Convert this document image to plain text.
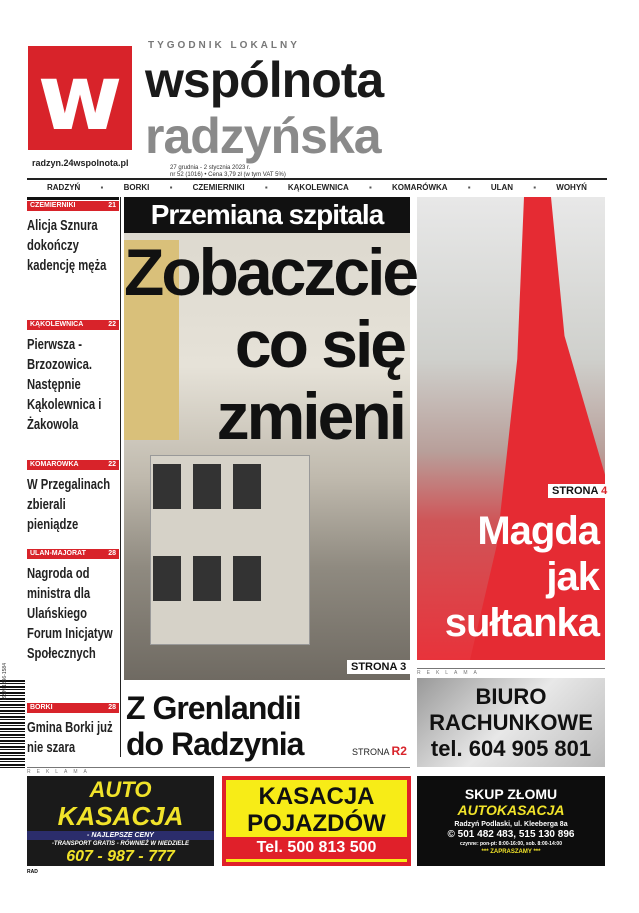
w	TYGODNIK LOKALNY
wspólnota
radzyńska
radzyn.24wspolnota.pl	27 grudnia - 2 stycznia 2023 r.
nr 52 (1016) • Cena 3,79 zł (w tym VAT 5%)
RADZYŃ	▪	BORKI	▪	CZEMIERNIKI	▪	KĄKOLEWNICA	▪	KOMARÓWKA	▪	ULAN	▪	WOHYŃ
CZEMIERNIKI	21
Alicja Sznura dokończy kadencję męża
KĄKOLEWNICA	22
Pierwsza - Brzozowica. Następnie Kąkolewnica i Żakowola
KOMARÓWKA	22
W Przegalinach zbierali pieniądze
ULAN-MAJORAT	28
Nagroda od ministra dla Ulańskiego Forum Inicjatyw Społecznych
BORKI	28
Gmina Borki już nie szara
Przemiana szpitala
Zobaczcie
co się
zmieni
STRONA 3
Z Grenlandii
do Radzynia	STRONA R2
STRONA 4
Magda
jak
sułtanka
REKLAMA
BIURO
RACHUNKOWE
tel. 604 905 801
ISSN 1896-1584
REKLAMA
AUTO
KASACJA
- NAJLEPSZE CENY
-TRANSPORT GRATIS - RÓWNIEŻ W NIEDZIELE
607 - 987 - 777
KASACJA
POJAZDÓW
Tel. 500 813 500
SKUP ZŁOMU
AUTOKASACJA
Radzyń Podlaski, ul. Kleeberga 8a
© 501 482 483, 515 130 896
czynne: pon-pt: 8:00-16:00, sob. 8:00-14:00
*** ZAPRASZAMY ***
RAD
